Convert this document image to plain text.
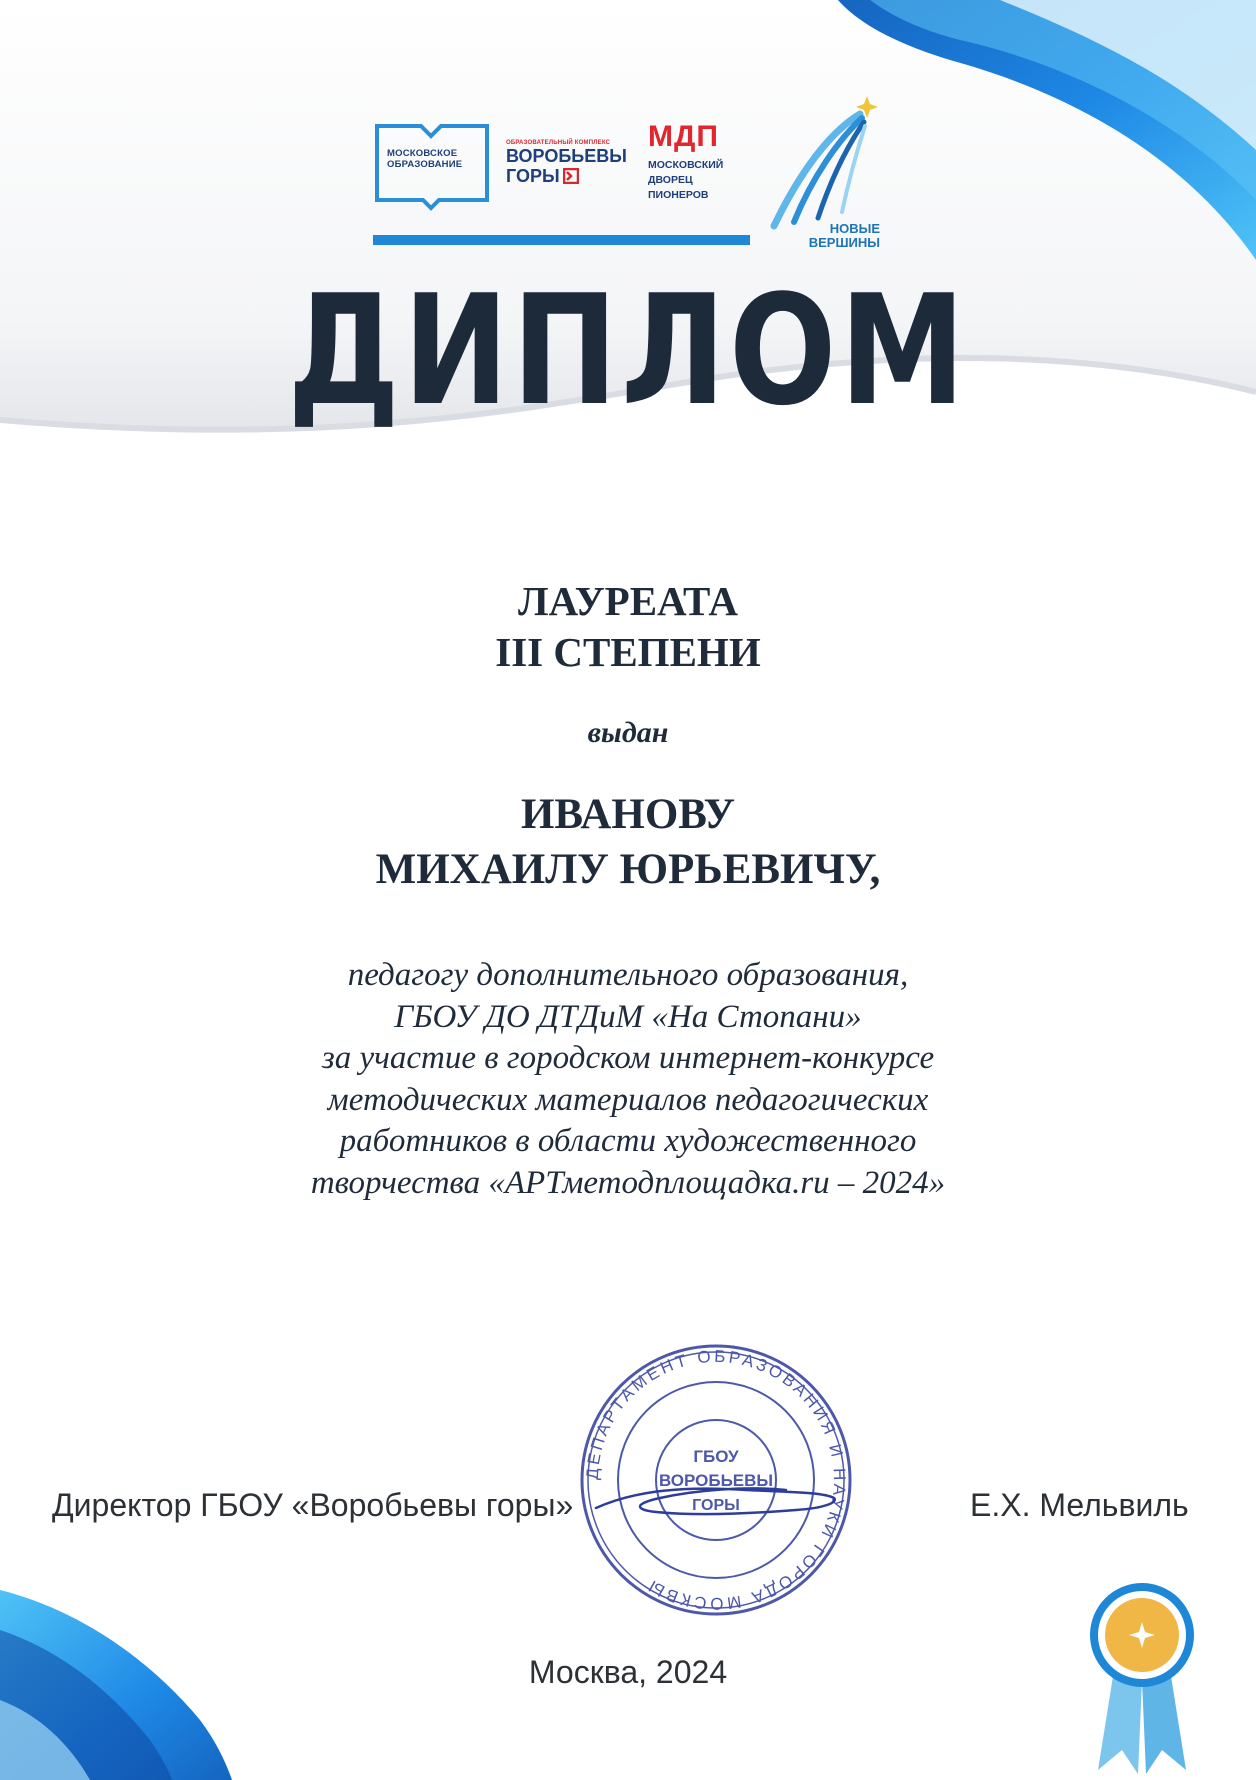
МОСКОВСКОЕ ОБРАЗОВАНИЕ
ОБРАЗОВАТЕЛЬНЫЙ КОМПЛЕКС
ВОРОБЬЕВЫ
ГОРЫ
МДП
МОСКОВСКИЙ
ДВОРЕЦ
ПИОНЕРОВ
НОВЫЕ
ВЕРШИНЫ
ДИПЛОМ
ЛАУРЕАТА
III СТЕПЕНИ
выдан
ИВАНОВУ
МИХАИЛУ ЮРЬЕВИЧУ,
педагогу дополнительного образования,
ГБОУ ДО ДТДиМ «На Стопани»
за участие в городском интернет-конкурсе
методических материалов педагогических
работников в области художественного
творчества «АРТметодплощадка.ru – 2024»
Директор ГБОУ «Воробьевы горы»	Е.Х. Мельвиль
ДЕПАРТАМЕНТ ОБРАЗОВАНИЯ И НАУКИ ГОРОДА МОСКВЫ
ГБОУ
ВОРОБЬЕВЫ
ГОРЫ
Москва, 2024
